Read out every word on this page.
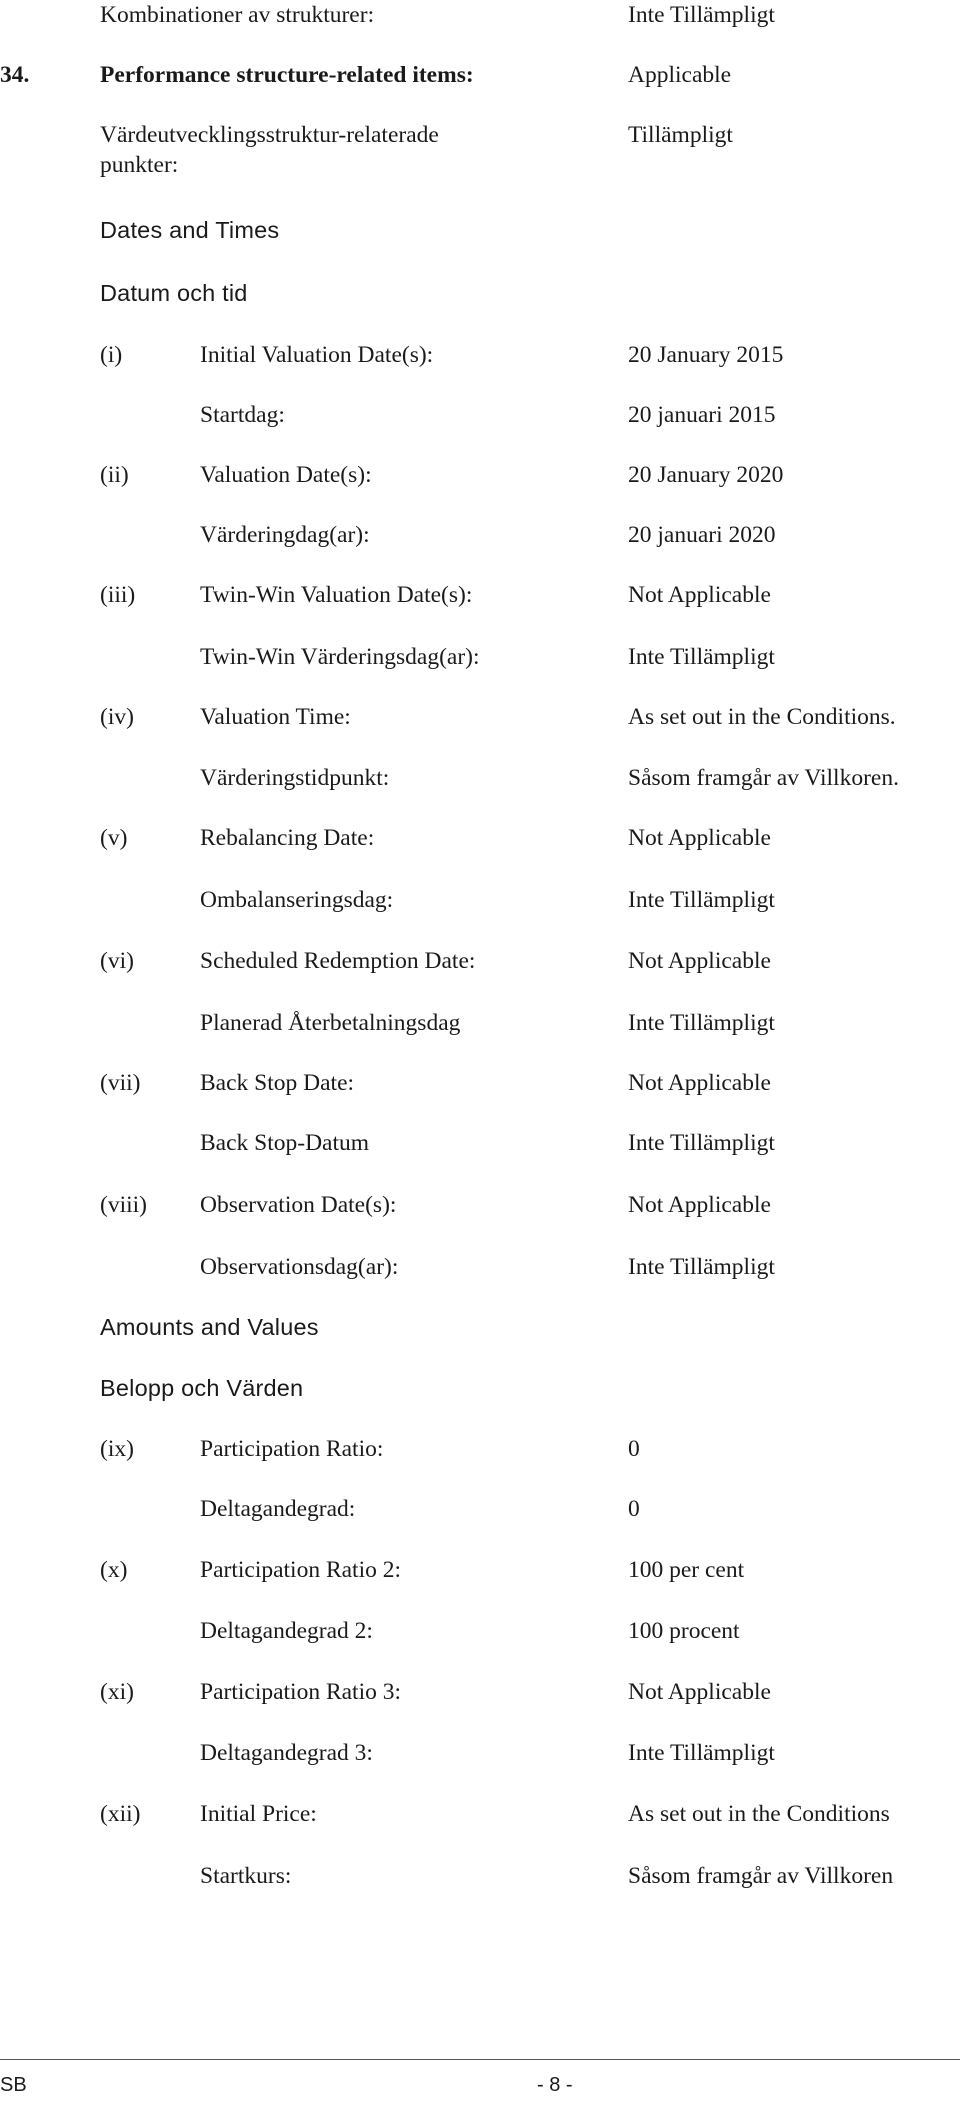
Kombinationer av strukturer:	Inte Tillämpligt
34.	Performance structure-related items:	Applicable
Värdeutvecklingsstruktur-relaterade	Tillämpligt
punkter:
Dates and Times
Datum och tid
(i)	Initial Valuation Date(s):	20 January 2015
Startdag:	20 januari 2015
(ii)	Valuation Date(s):	20 January 2020
Värderingdag(ar):	20 januari 2020
(iii)	Twin-Win Valuation Date(s):	Not Applicable
Twin-Win Värderingsdag(ar):	Inte Tillämpligt
(iv)	Valuation Time:	As set out in the Conditions.
Värderingstidpunkt:	Såsom framgår av Villkoren.
(v)	Rebalancing Date:	Not Applicable
Ombalanseringsdag:	Inte Tillämpligt
(vi)	Scheduled Redemption Date:	Not Applicable
Planerad Återbetalningsdag	Inte Tillämpligt
(vii)	Back Stop Date:	Not Applicable
Back Stop-Datum	Inte Tillämpligt
(viii) Observation Date(s):	Not Applicable
Observationsdag(ar):	Inte Tillämpligt
Amounts and Values
Belopp och Värden
(ix)	Participation Ratio:	0
Deltagandegrad:	0
(x)	Participation Ratio 2:	100 per cent
Deltagandegrad 2:	100 procent
(xi)	Participation Ratio 3:	Not Applicable
Deltagandegrad 3:	Inte Tillämpligt
(xii)	Initial Price:	As set out in the Conditions
Startkurs:	Såsom framgår av Villkoren
SB	- 8 -
